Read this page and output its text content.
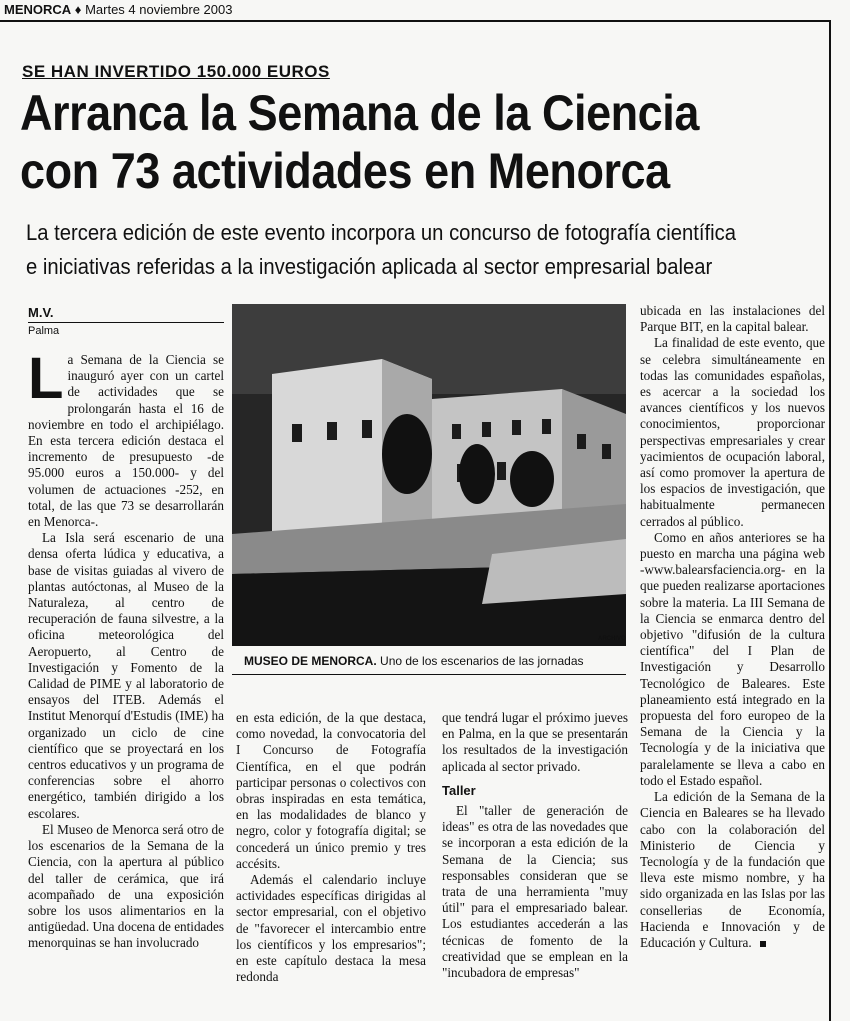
MENORCA ♦ Martes 4 noviembre 2003
SE HAN INVERTIDO 150.000 EUROS
Arranca la Semana de la Ciencia
con 73 actividades en Menorca
La tercera edición de este evento incorpora un concurso de fotografía científica
e iniciativas referidas a la investigación aplicada al sector empresarial balear
M.V.
Palma

La Semana de la Ciencia se inauguró ayer con un cartel de actividades que se prolongarán hasta el 16 de noviembre en todo el archipiélago. En esta tercera edición destaca el incremento de presupuesto -de 95.000 euros a 150.000- y del volumen de actuaciones -252, en total, de las que 73 se desarrollarán en Menorca-.

La Isla será escenario de una densa oferta lúdica y educativa, a base de visitas guiadas al vivero de plantas autóctonas, al Museo de la Naturaleza, al centro de recuperación de fauna silvestre, a la oficina meteorológica del Aeropuerto, al Centro de Investigación y Fomento de la Calidad de PIME y al laboratorio de ensayos del ITEB. Además el Institut Menorquí d'Estudis (IME) ha organizado un ciclo de cine científico que se proyectará en los centros educativos y un programa de conferencias sobre el ahorro energético, también dirigido a los escolares.

El Museo de Menorca será otro de los escenarios de la Semana de la Ciencia, con la apertura al público del taller de cerámica, que irá acompañado de una exposición sobre los usos alimentarios en la antigüedad. Una docena de entidades menorquinas se han involucrado

ARCHIVO
MUSEO DE MENORCA. Uno de los escenarios de las jornadas

en esta edición, de la que destaca, como novedad, la convocatoria del I Concurso de Fotografía Científica, en el que podrán participar personas o colectivos con obras inspiradas en esta temática, en las modalidades de blanco y negro, color y fotografía digital; se concederá un único premio y tres accésits.

Además el calendario incluye actividades específicas dirigidas al sector empresarial, con el objetivo de "favorecer el intercambio entre los científicos y los empresarios"; en este capítulo destaca la mesa redonda

que tendrá lugar el próximo jueves en Palma, en la que se presentarán los resultados de la investigación aplicada al sector privado.

Taller

El "taller de generación de ideas" es otra de las novedades que se incorporan a esta edición de la Semana de la Ciencia; sus responsables consideran que se trata de una herramienta "muy útil" para el empresariado balear. Los estudiantes accederán a las técnicas de fomento de la creatividad que se emplean en la "incubadora de empresas"

ubicada en las instalaciones del Parque BIT, en la capital balear.

La finalidad de este evento, que se celebra simultáneamente en todas las comunidades españolas, es acercar a la sociedad los avances científicos y los nuevos conocimientos, proporcionar perspectivas empresariales y crear yacimientos de ocupación laboral, así como promover la apertura de los espacios de investigación, que habitualmente permanecen cerrados al público.

Como en años anteriores se ha puesto en marcha una página web -www.balearsfaciencia.org- en la que pueden realizarse aportaciones sobre la materia. La III Semana de la Ciencia se enmarca dentro del objetivo "difusión de la cultura científica" del I Plan de Investigación y Desarrollo Tecnológico de Baleares. Este planeamiento está integrado en la propuesta del foro europeo de la Semana de la Ciencia y la Tecnología y de la iniciativa que paralelamente se lleva a cabo en todo el Estado español.

La edición de la Semana de la Ciencia en Baleares se ha llevado cabo con la colaboración del Ministerio de Ciencia y Tecnología y de la fundación que lleva este mismo nombre, y ha sido organizada en las Islas por las consellerias de Economía, Hacienda e Innovación y de Educación y Cultura.
